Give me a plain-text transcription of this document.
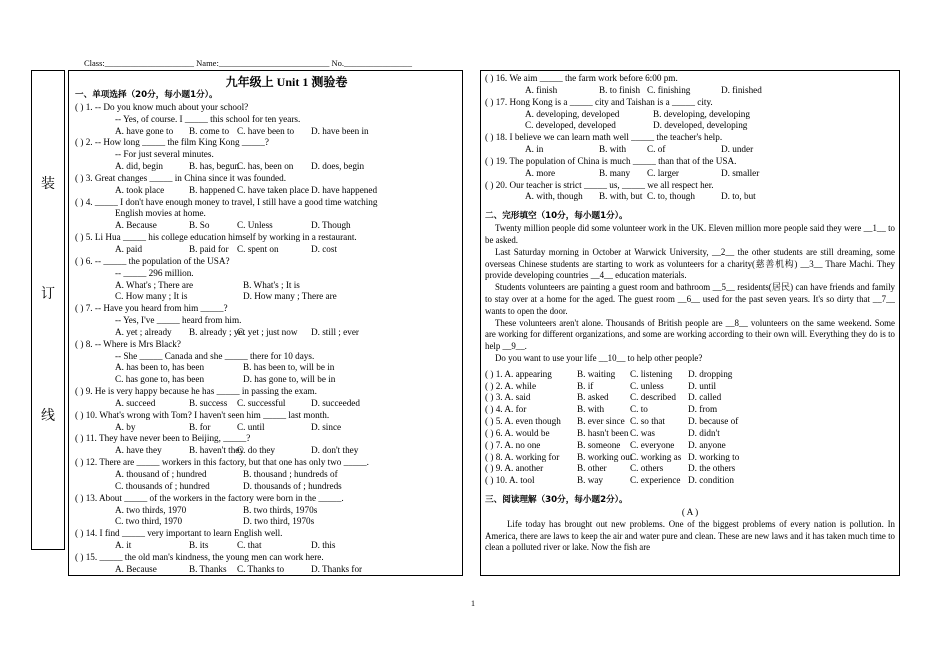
Class:_____________________ Name:__________________________ No.________________
装
订
线
九年级上 Unit 1 测验卷
一、单项选择（20分，每小题1分）。
( ) 1. -- Do you know much about your school?
-- Yes, of course. I _____ this school for ten years.
A. have gone to B. come to C. have been to D. have been in
( ) 2. -- How long _____ the film King Kong _____?
-- For just several minutes.
A. did, begin	B. has, begun
C. has, been on D. does, begin
( ) 3. Great changes _____ in China since it was founded.
A. took place	B. happened C. have taken place D. have happened
( ) 4. _____ I don't have enough money to travel, I still have a good time watching
English movies at home.
A. Because	B. So	C. Unless	D. Though
( ) 5. Li Hua _____ his college education himself by working in a restaurant.
A. paid	B. paid for C. spent on	D. cost
( ) 6. -- _____ the population of the USA?
-- _____ 296 million.
A. What's ; There are	B. What's ; It is
C. How many ; It is	D. How many ; There are
( ) 7. -- Have you heard from him _____?
-- Yes, I've _____ heard from him.
A. yet ; already B. already ; yet
C. yet ; just now D. still ; ever
( ) 8. -- Where is Mrs Black?
-- She _____ Canada and she _____ there for 10 days.
A. has been to, has been	B. has been to, will be in
C. has gone to, has been	D. has gone to, will be in
( ) 9. He is very happy because he has _____ in passing the exam.
A. succeed	B. success C. successful	D. succeeded
( ) 10. What's wrong with Tom? I haven't seen him _____ last month.
A. by	B. for	C. until	D. since
( ) 11. They have never been to Beijing, _____?
A. have they	B. haven't they
C. do they	D. don't they
( ) 12. There are _____ workers in this factory, but that one has only two _____.
A. thousand of ; hundred	B. thousand ; hundreds of
C. thousands of ; hundred	D. thousands of ; hundreds
( ) 13. About _____ of the workers in the factory were born in the _____.
A. two thirds, 1970	B. two thirds, 1970s
C. two third, 1970	D. two third, 1970s
( ) 14. I find _____ very important to learn English well.
A. it	B. its	C. that	D. this
( ) 15. _____ the old man's kindness, the young men can work here.
A. Because	B. Thanks C. Thanks to	D. Thanks for
( ) 16. We aim _____ the farm work before 6:00 pm.
A. finish	B. to finish C. finishing	D. finished
( ) 17. Hong Kong is a _____ city and Taishan is a _____ city.
A. developing, developed	B. developing, developing
C. developed, developed	D. developed, developing
( ) 18. I believe we can learn math well _____ the teacher's help.
A. in	B. with C. of	D. under
( ) 19. The population of China is much _____ than that of the USA.
A. more	B. many C. larger	D. smaller
( ) 20. Our teacher is strict _____ us, _____ we all respect her.
A. with, though B. with, but C. to, though	D. to, but
二、完形填空（10分，每小题1分）。
Twenty million people did some volunteer work in the UK. Eleven million more people said they were __1__ to be asked.
Last Saturday morning in October at Warwick University, __2__ the other students are still dreaming, some overseas Chinese students are starting to work as volunteers for a charity(慈善机构) __3__ Thare Machi. They provide developing countries __4__ education materials.
Students volunteers are painting a guest room and bathroom __5__ residents(居民) can have friends and family to stay over at a home for the aged. The guest room __6__ used for the past seven years. It's so dirty that __7__ wants to open the door.
These volunteers aren't alone. Thousands of British people are __8__ volunteers on the same weekend. Some are working for different organizations, and some are working according to their own will. Everything they do is to help __9__.
Do you want to use your life __10__ to help other people?
( ) 1. A. appearing	B. waiting C. listening D. dropping
( ) 2. A. while	B. if	C. unless	D. until
( ) 3. A. said	B. asked C. described D. called
( ) 4. A. for	B. with	C. to	D. from
( ) 5. A. even though B. ever since C. so that	D. because of
( ) 6. A. would be	B. hasn't been C. was	D. didn't
( ) 7. A. no one	B. someone C. everyone D. anyone
( ) 8. A. working for B. working out
C. working as D. working to
( ) 9. A. another	B. other	C. others	D. the others
( ) 10. A. tool	B. way	C. experience D. condition
三、阅读理解（30分，每小题2分）。
( A )
Life today has brought out new problems. One of the biggest problems of every nation is pollution. In America, there are laws to keep the air and water pure and clean. These are new laws and it has taken much time to clean a polluted river or lake. Now the fish are
1
